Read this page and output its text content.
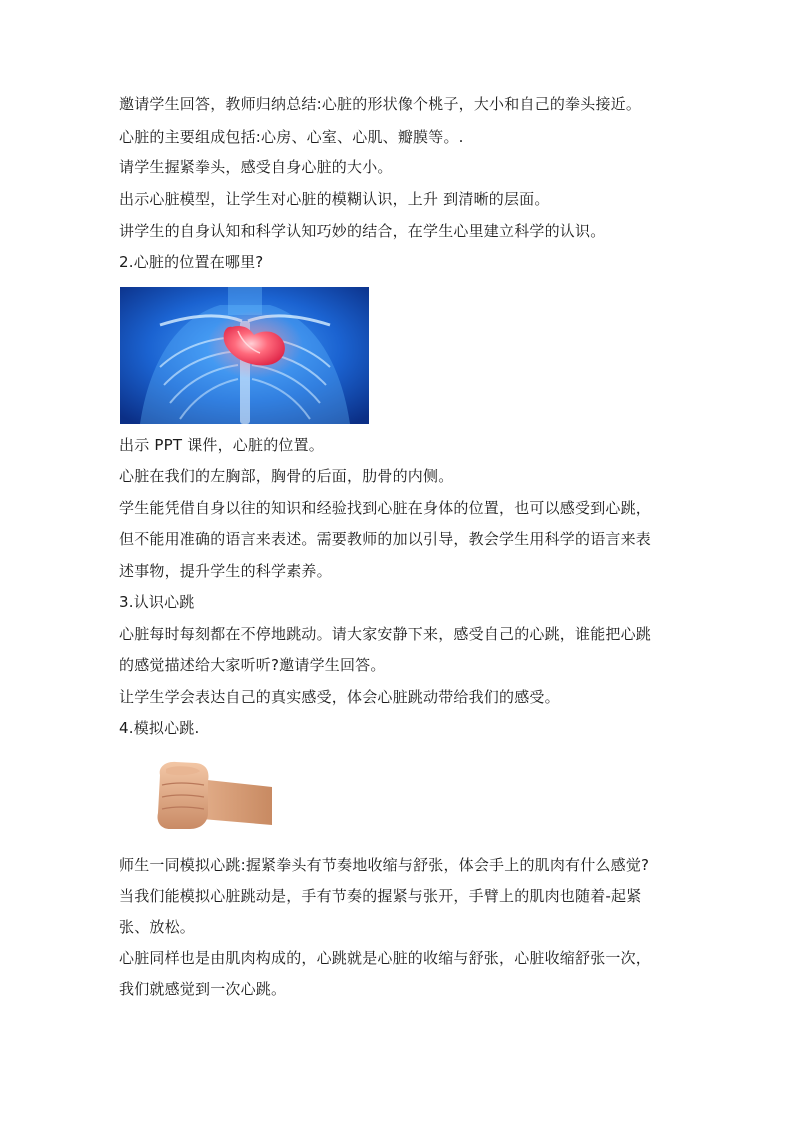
邀请学生回答，教师归纳总结:心脏的形状像个桃子，大小和自己的拳头接近。
心脏的主要组成包括:心房、心室、心肌、瓣膜等。.
请学生握紧拳头，感受自身心脏的大小。
出示心脏模型，让学生对心脏的模糊认识，上升 到清晰的层面。
讲学生的自身认知和科学认知巧妙的结合，在学生心里建立科学的认识。
2.心脏的位置在哪里?
出示 PPT 课件，心脏的位置。
心脏在我们的左胸部，胸骨的后面，肋骨的内侧。
学生能凭借自身以往的知识和经验找到心脏在身体的位置，也可以感受到心跳，
但不能用准确的语言来表述。需要教师的加以引导，教会学生用科学的语言来表
述事物，提升学生的科学素养。
3.认识心跳
心脏每时每刻都在不停地跳动。请大家安静下来，感受自己的心跳，谁能把心跳
的感觉描述给大家听听?邀请学生回答。
让学生学会表达自己的真实感受，体会心脏跳动带给我们的感受。
4.模拟心跳.
师生一同模拟心跳:握紧拳头有节奏地收缩与舒张，体会手上的肌肉有什么感觉?
当我们能模拟心脏跳动是，手有节奏的握紧与张开，手臂上的肌肉也随着-起紧
张、放松。
心脏同样也是由肌肉构成的，心跳就是心脏的收缩与舒张，心脏收缩舒张一次，
我们就感觉到一次心跳。
